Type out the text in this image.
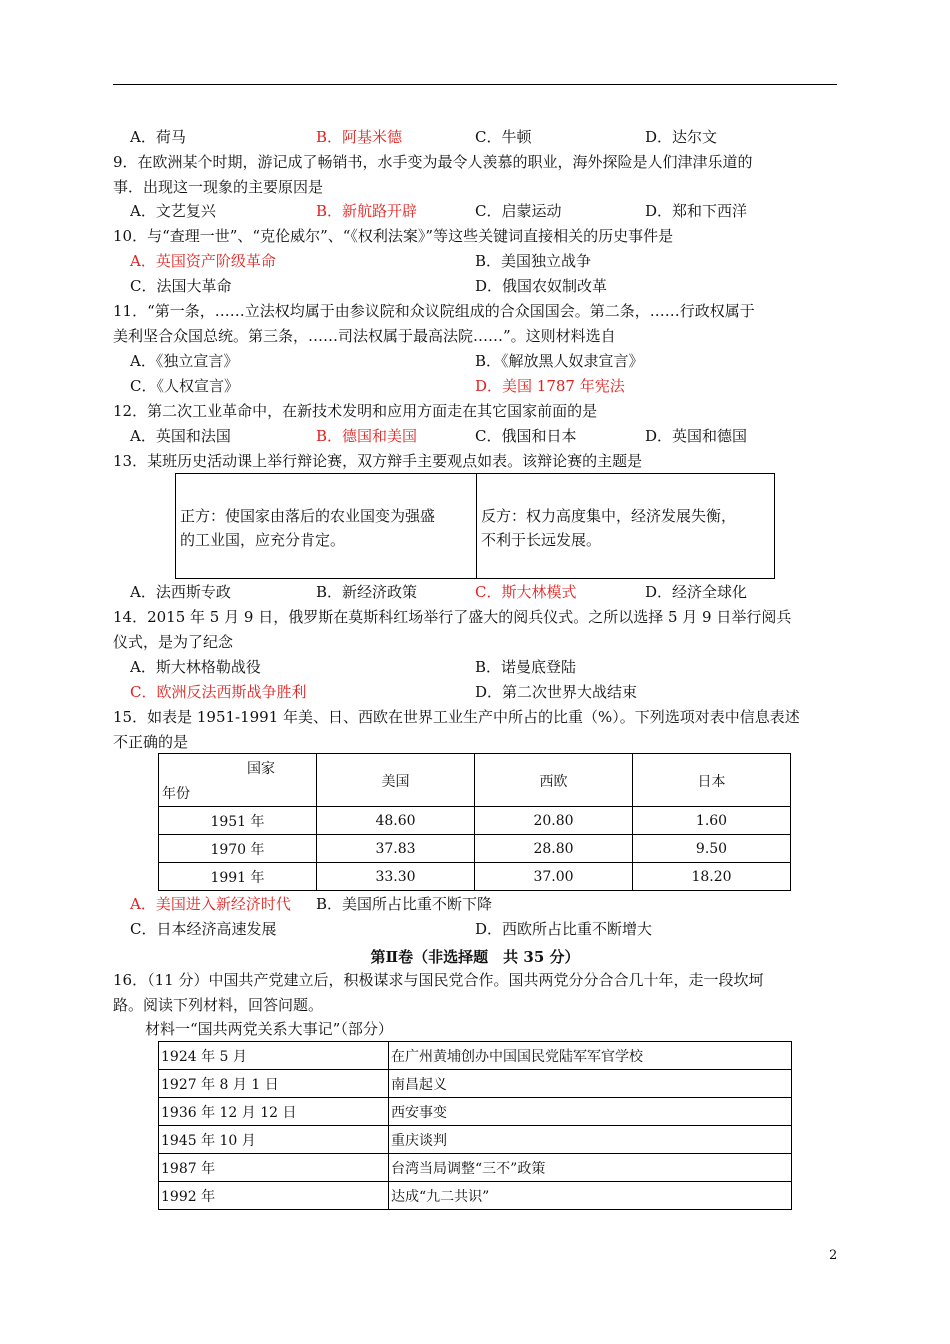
A．荷马	B．阿基米德	C．牛顿	D．达尔文
9．在欧洲某个时期，游记成了畅销书，水手变为最令人羡慕的职业，海外探险是人们津津乐道的
事．出现这一现象的主要原因是
A．文艺复兴	B．新航路开辟	C．启蒙运动	D．郑和下西洋
10．与“查理一世”、“克伦威尔”、“《权利法案》”等这些关键词直接相关的历史事件是
A．英国资产阶级革命	B．美国独立战争
C．法国大革命	D．俄国农奴制改革
11．“第一条，……立法权均属于由参议院和众议院组成的合众国国会。第二条，……行政权属于
美利坚合众国总统。第三条，……司法权属于最高法院……”。这则材料选自
A．《独立宣言》	B．《解放黑人奴隶宣言》
C．《人权宣言》	D．美国 1787 年宪法
12．第二次工业革命中，在新技术发明和应用方面走在其它国家前面的是
A．英国和法国	B．德国和美国	C．俄国和日本	D．英国和德国
13．某班历史活动课上举行辩论赛，双方辩手主要观点如表。该辩论赛的主题是
正方：使国家由落后的农业国变为强盛
的工业国，应充分肯定。
反方：权力高度集中，经济发展失衡，
不利于长远发展。
A．法西斯专政	B．新经济政策	C．斯大林模式	D．经济全球化
14．2015 年 5 月 9 日，俄罗斯在莫斯科红场举行了盛大的阅兵仪式。之所以选择 5 月 9 日举行阅兵
仪式，是为了纪念
A．斯大林格勒战役	B．诺曼底登陆
C．欧洲反法西斯战争胜利	D．第二次世界大战结束
15．如表是 1951-1991 年美、日、西欧在世界工业生产中所占的比重（%）。下列选项对表中信息表述
不正确的是
国家
年份	美国	西欧	日本
1951 年	48.60	20.80	1.60
1970 年	37.83	28.80	9.50
1991 年	33.30	37.00	18.20
A．美国进入新经济时代 B．美国所占比重不断下降
C．日本经济高速发展	D．西欧所占比重不断增大
第Ⅱ卷（非选择题　共 35 分）
16．（11 分）中国共产党建立后，积极谋求与国民党合作。国共两党分分合合几十年，走一段坎坷
路。阅读下列材料，回答问题。
材料一“国共两党关系大事记”（部分）
1924 年 5 月	在广州黄埔创办中国国民党陆军军官学校
1927 年 8 月 1 日	南昌起义
1936 年 12 月 12 日	西安事变
1945 年 10 月	重庆谈判
1987 年	台湾当局调整“三不”政策
1992 年	达成“九二共识”
2
